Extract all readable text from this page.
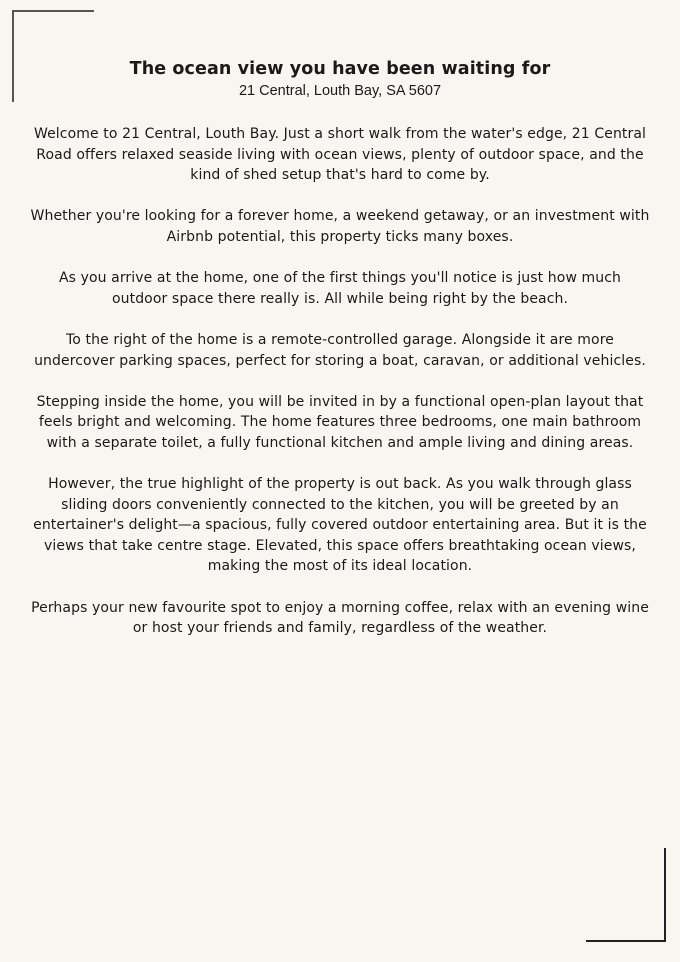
The ocean view you have been waiting for

21 Central, Louth Bay, SA 5607

Welcome to 21 Central, Louth Bay. Just a short walk from the water's edge, 21 Central Road offers relaxed seaside living with ocean views, plenty of outdoor space, and the kind of shed setup that's hard to come by.

Whether you're looking for a forever home, a weekend getaway, or an investment with Airbnb potential, this property ticks many boxes.

As you arrive at the home, one of the first things you'll notice is just how much outdoor space there really is. All while being right by the beach.

To the right of the home is a remote-controlled garage. Alongside it are more undercover parking spaces, perfect for storing a boat, caravan, or additional vehicles.

Stepping inside the home, you will be invited in by a functional open-plan layout that feels bright and welcoming. The home features three bedrooms, one main bathroom with a separate toilet, a fully functional kitchen and ample living and dining areas.

However, the true highlight of the property is out back. As you walk through glass sliding doors conveniently connected to the kitchen, you will be greeted by an entertainer's delight—a spacious, fully covered outdoor entertaining area. But it is the views that take centre stage. Elevated, this space offers breathtaking ocean views, making the most of its ideal location.

Perhaps your new favourite spot to enjoy a morning coffee, relax with an evening wine or host your friends and family, regardless of the weather.
